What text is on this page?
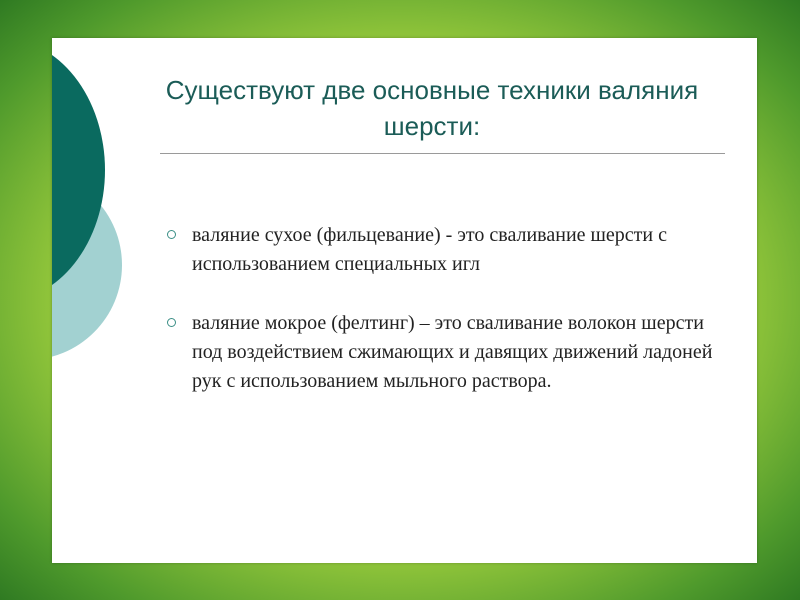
Существуют две основные техники валяния шерсти:
валяние сухое (фильцевание) - это сваливание шерсти с использованием специальных игл
валяние мокрое (фелтинг) – это сваливание волокон шерсти под воздействием сжимающих и давящих движений ладоней рук с использованием мыльного раствора.
